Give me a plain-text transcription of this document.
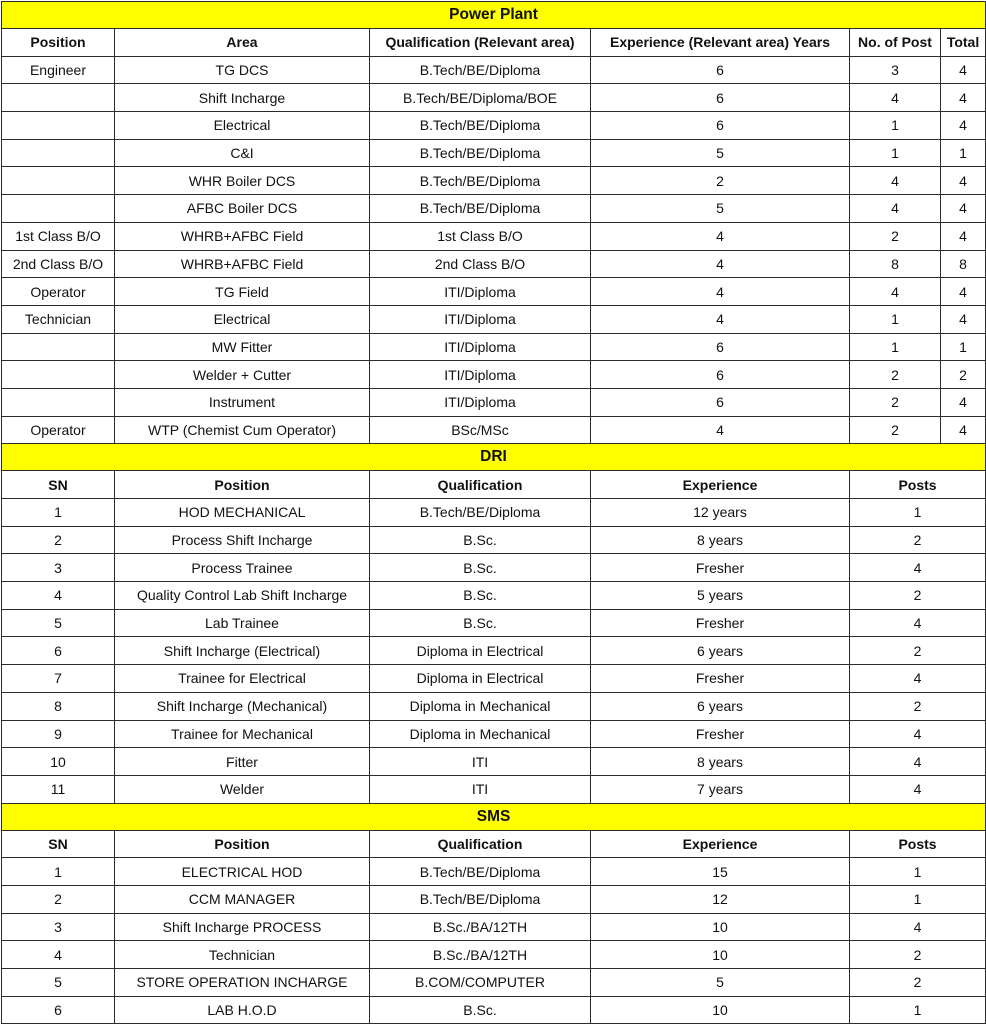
Power Plant					
Position	Area	Qualification (Relevant area)	Experience (Relevant area) Years	No. of Post	Total
Engineer	TG DCS	B.Tech/BE/Diploma	6	3	4
	Shift Incharge	B.Tech/BE/Diploma/BOE	6	4	4
	Electrical	B.Tech/BE/Diploma	6	1	4
	C&I	B.Tech/BE/Diploma	5	1	1
	WHR Boiler DCS	B.Tech/BE/Diploma	2	4	4
	AFBC Boiler DCS	B.Tech/BE/Diploma	5	4	4
1st Class B/O	WHRB+AFBC Field	1st Class B/O	4	2	4
2nd Class B/O	WHRB+AFBC Field	2nd Class B/O	4	8	8
Operator	TG Field	ITI/Diploma	4	4	4
Technician	Electrical	ITI/Diploma	4	1	4
	MW Fitter	ITI/Diploma	6	1	1
	Welder + Cutter	ITI/Diploma	6	2	2
	Instrument	ITI/Diploma	6	2	4
Operator	WTP (Chemist Cum Operator)	BSc/MSc	4	2	4
DRI					
SN	Position	Qualification	Experience	Posts	
1	HOD MECHANICAL	B.Tech/BE/Diploma	12 years	1	
2	Process Shift Incharge	B.Sc.	8 years	2	
3	Process Trainee	B.Sc.	Fresher	4	
4	Quality Control Lab Shift Incharge	B.Sc.	5 years	2	
5	Lab Trainee	B.Sc.	Fresher	4	
6	Shift Incharge (Electrical)	Diploma in Electrical	6 years	2	
7	Trainee for Electrical	Diploma in Electrical	Fresher	4	
8	Shift Incharge (Mechanical)	Diploma in Mechanical	6 years	2	
9	Trainee for Mechanical	Diploma in Mechanical	Fresher	4	
10	Fitter	ITI	8 years	4	
11	Welder	ITI	7 years	4	
SMS					
SN	Position	Qualification	Experience	Posts	
1	ELECTRICAL HOD	B.Tech/BE/Diploma	15	1	
2	CCM MANAGER	B.Tech/BE/Diploma	12	1	
3	Shift Incharge PROCESS	B.Sc./BA/12TH	10	4	
4	Technician	B.Sc./BA/12TH	10	2	
5	STORE OPERATION INCHARGE	B.COM/COMPUTER	5	2	
6	LAB H.O.D	B.Sc.	10	1	
